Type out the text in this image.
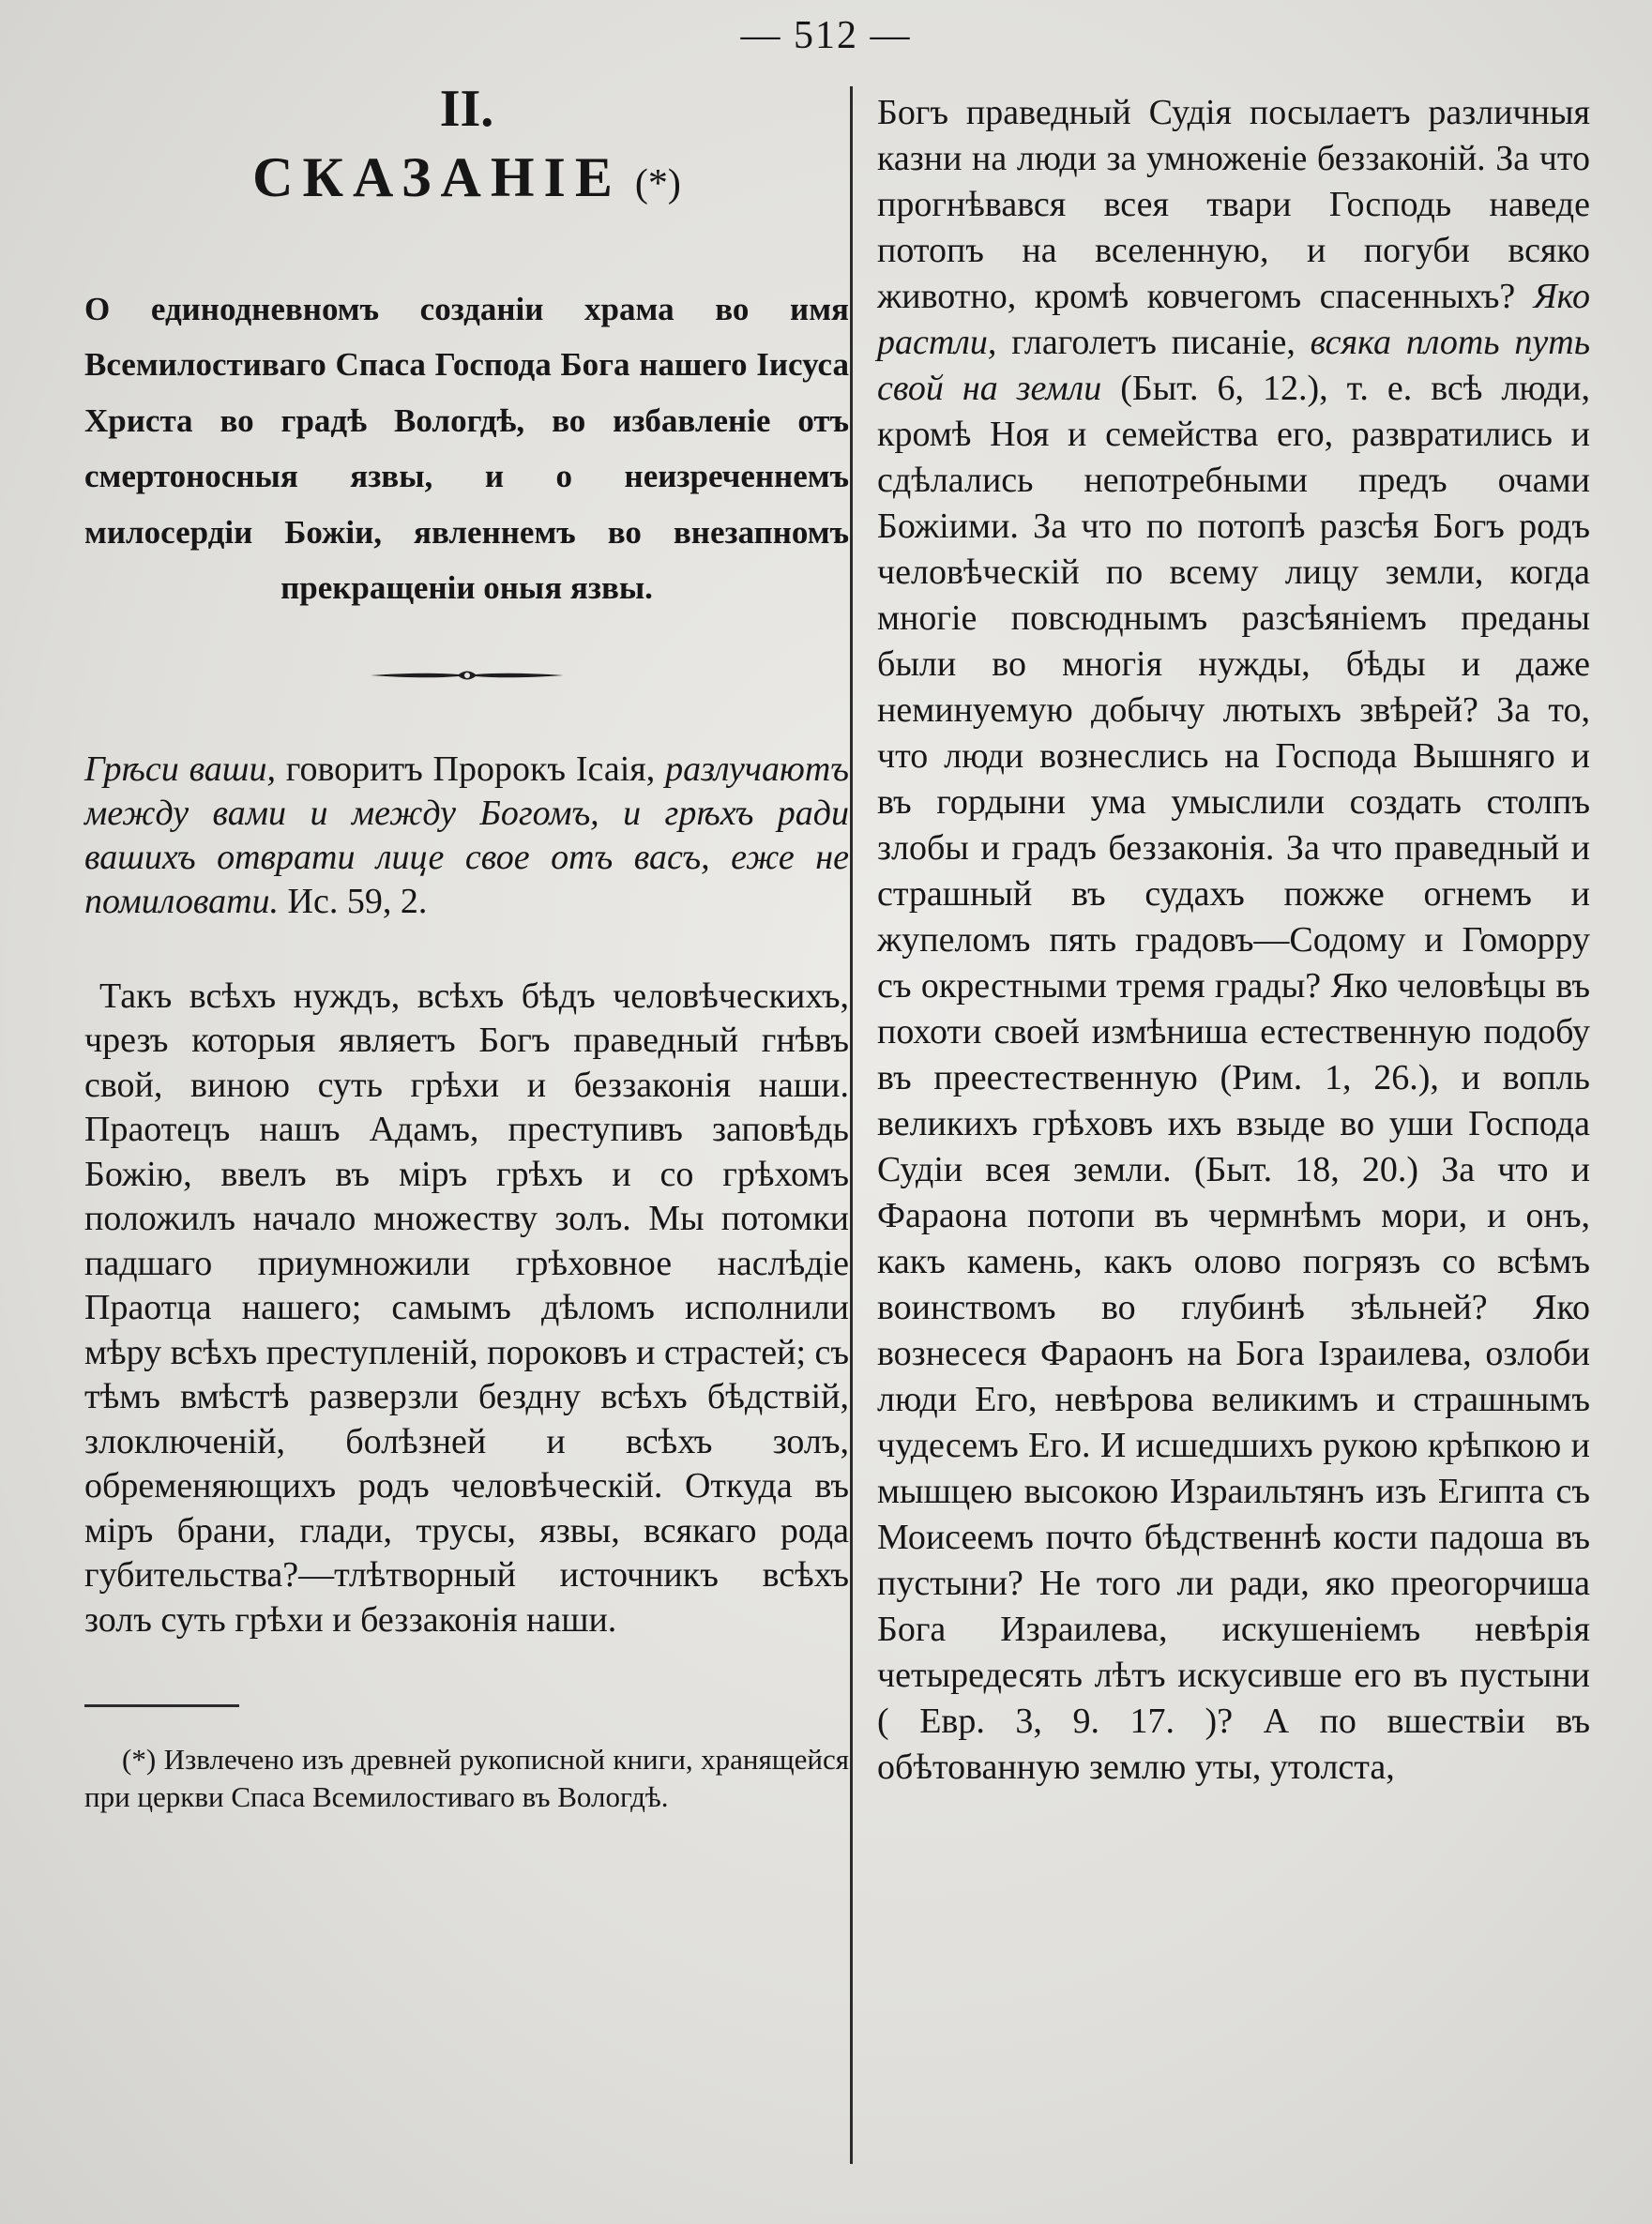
— 512 —

II.

СКАЗАНІЕ (*)

О единодневномъ созданіи храма во имя Всемилостиваго Спаса Господа Бога нашего Іисуса Христа во градѣ Вологдѣ, во избавленіе отъ смертоносныя язвы, и о неизреченнемъ милосердіи Божіи, явленнемъ во внезапномъ прекращеніи оныя язвы.

Грѣси ваши, говоритъ Пророкъ Ісаія, разлучаютъ между вами и между Богомъ, и грѣхъ ради вашихъ отврати лице свое отъ васъ, еже не помиловати. Ис. 59, 2.

Такъ всѣхъ нуждъ, всѣхъ бѣдъ человѣческихъ, чрезъ которыя являетъ Богъ праведный гнѣвъ свой, виною суть грѣхи и беззаконія наши. Праотецъ нашъ Адамъ, преступивъ заповѣдь Божію, ввелъ въ міръ грѣхъ и со грѣхомъ положилъ начало множеству золъ. Мы потомки падшаго приумножили грѣховное наслѣдіе Праотца нашего; самымъ дѣломъ исполнили мѣру всѣхъ преступленій, пороковъ и страстей; съ тѣмъ вмѣстѣ разверзли бездну всѣхъ бѣдствій, злоключеній, болѣзней и всѣхъ золъ, обременяющихъ родъ человѣческій. Откуда въ міръ брани, глади, трусы, язвы, всякаго рода губительства?—тлѣтворный источникъ всѣхъ золъ суть грѣхи и беззаконія наши.

(*) Извлечено изъ древней рукописной книги, хранящейся при церкви Спаса Всемилостиваго въ Вологдѣ.

Богъ праведный Судія посылаетъ различныя казни на люди за умноженіе беззаконій. За что прогнѣвався всея твари Господь наведе потопъ на вселенную, и погуби всяко животно, кромѣ ковчегомъ спасенныхъ? Яко растли, глаголетъ писаніе, всяка плоть путь свой на земли (Быт. 6, 12.), т. е. всѣ люди, кромѣ Ноя и семейства его, развратились и сдѣлались непотребными предъ очами Божіими. За что по потопѣ разсѣя Богъ родъ человѣческій по всему лицу земли, когда многіе повсюднымъ разсѣяніемъ преданы были во многія нужды, бѣды и даже неминуемую добычу лютыхъ звѣрей? За то, что люди вознеслись на Господа Вышняго и въ гордыни ума умыслили создать столпъ злобы и градъ беззаконія. За что праведный и страшный въ судахъ пожже огнемъ и жупеломъ пять градовъ—Содому и Гоморру съ окрестными тремя грады? Яко человѣцы въ похоти своей измѣниша естественную подобу въ преестественную (Рим. 1, 26.), и вопль великихъ грѣховъ ихъ взыде во уши Господа Судіи всея земли. (Быт. 18, 20.) За что и Фараона потопи въ чермнѣмъ мори, и онъ, какъ камень, какъ олово погрязъ со всѣмъ воинствомъ во глубинѣ зѣльней? Яко вознесеся Фараонъ на Бога Ізраилева, озлоби люди Его, невѣрова великимъ и страшнымъ чудесемъ Его. И исшедшихъ рукою крѣпкою и мышцею высокою Израильтянъ изъ Египта съ Моисеемъ почто бѣдственнѣ кости падоша въ пустыни? Не того ли ради, яко преогорчиша Бога Израилева, искушеніемъ невѣрія четыредесять лѣтъ искусивше его въ пустыни ( Евр. 3, 9. 17. )? А по вшествіи въ обѣтованную землю уты, утолста,
